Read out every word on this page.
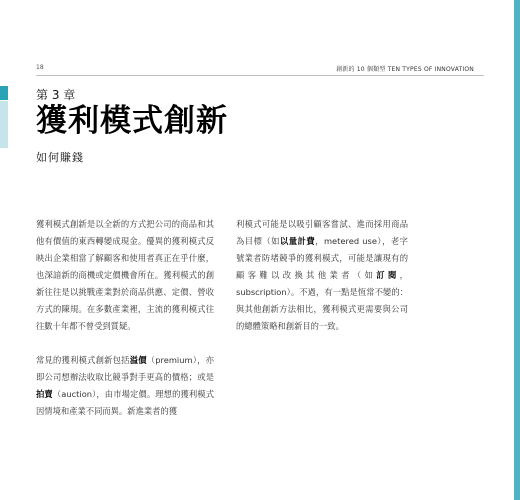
18	創新的 10 個類型 TEN TYPES OF INNOVATION
第 3 章
獲利模式創新
如何賺錢

獲利模式創新是以全新的方式把公司的商品和其他有價值的東西轉變成現金。優異的獲利模式反映出企業相當了解顧客和使用者真正在乎什麼，也深諳新的商機或定價機會所在。獲利模式的創新往往是以挑戰產業對於商品供應、定價、營收方式的陳規。在多數產業裡，主流的獲利模式往往數十年都不曾受到質疑。

常見的獲利模式創新包括溢價（premium），亦即公司想辦法收取比競爭對手更高的價格；或是拍賣（auction），由市場定價。理想的獲利模式因情境和產業不同而異。新進業者的獲

利模式可能是以吸引顧客嘗試、進而採用商品為目標（如以量計費，metered use），老字號業者防堵競爭的獲利模式，可能是讓現有的顧客難以改換其他業者（如訂閱，subscription）。不過，有一點是恆常不變的：與其他創新方法相比，獲利模式更需要與公司的總體策略和創新目的一致。
